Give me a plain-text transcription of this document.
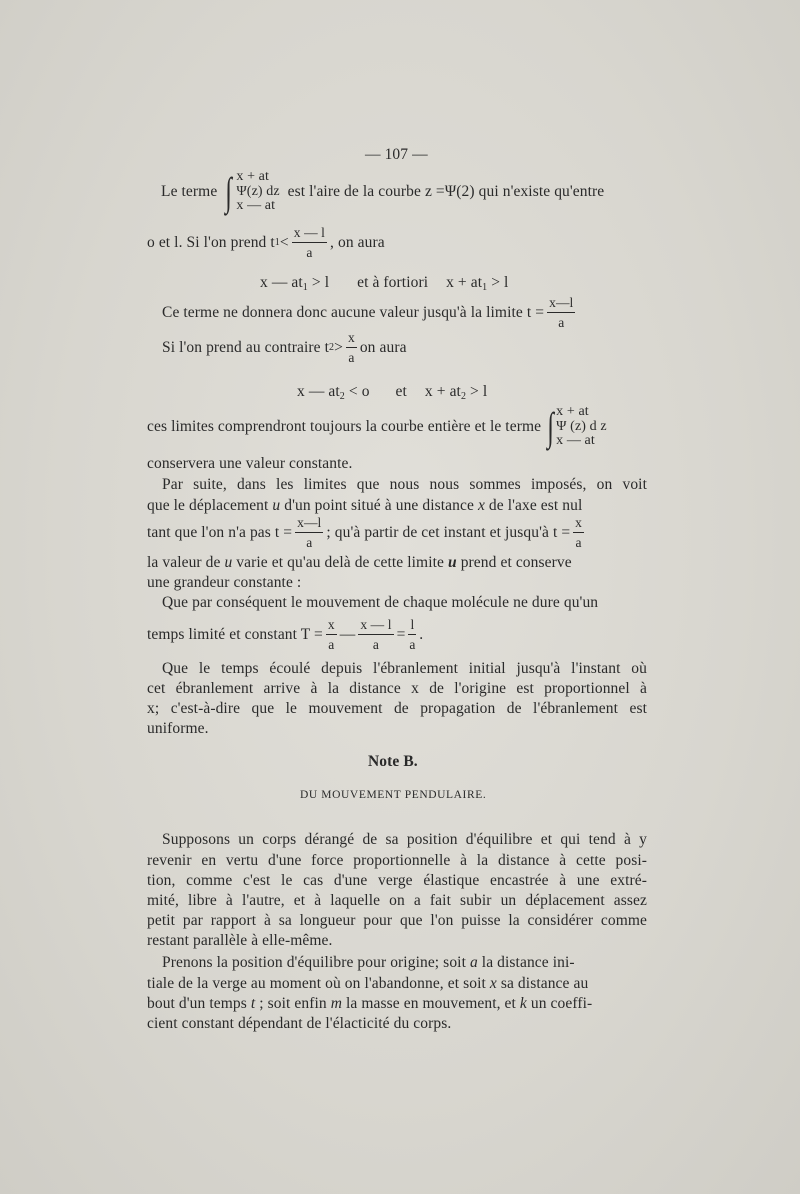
— 107 —
Le terme ∫ x + at
Ψ(z) dz
x — at
est l'aire de la courbe z =Ψ(2) qui n'existe qu'entre
o et l. Si l'on prend t $1 < \frac{x — l}{a}$ , on aura
x — $at_1 > l$ et à fortiori $x + at_1 > l$
Ce terme ne donnera donc aucune valeur jusqu'à la limite $t = \frac{x—l}{a}$
Si l'on prend au contraire t $2 > \frac{x}{a}$ on aura
x — $at_2 < o$ et $x + at_2 > l$
ces limites comprendront toujours la courbe entière et le terme ∫ x + at
Ψ (z) d z
x — at
conservera une valeur constante.
Par suite, dans les limites que nous nous sommes imposés, on voit
que le déplacement u d'un point situé à une distance x de l'axe est nul
tant que l'on n'a pas $t = \frac{x—l}{a}$ ; qu'à partir de cet instant et jusqu'à $t = \frac{x}{a}$
la valeur de u varie et qu'au delà de cette limite u prend et conserve
une grandeur constante :
Que par conséquent le mouvement de chaque molécule ne dure qu'un
temps limité et constant $T = \frac{x}{a}$ — $\frac{x — l}{a} = \frac{l}{a}$ .
Que le temps écoulé depuis l'ébranlement initial jusqu'à l'instant où
cet ébranlement arrive à la distance x de l'origine est proportionnel à
x; c'est-à-dire que le mouvement de propagation de l'ébranlement est
uniforme.
Note B.
DU MOUVEMENT PENDULAIRE.
Supposons un corps dérangé de sa position d'équilibre et qui tend à y
revenir en vertu d'une force proportionnelle à la distance à cette posi-
tion, comme c'est le cas d'une verge élastique encastrée à une extré-
mité, libre à l'autre, et à laquelle on a fait subir un déplacement assez
petit par rapport à sa longueur pour que l'on puisse la considérer comme
restant parallèle à elle-même.
Prenons la position d'équilibre pour origine; soit a la distance ini-
tiale de la verge au moment où on l'abandonne, et soit x sa distance au
bout d'un temps t ; soit enfin m la masse en mouvement, et k un coeffi-
cient constant dépendant de l'élacticité du corps.
